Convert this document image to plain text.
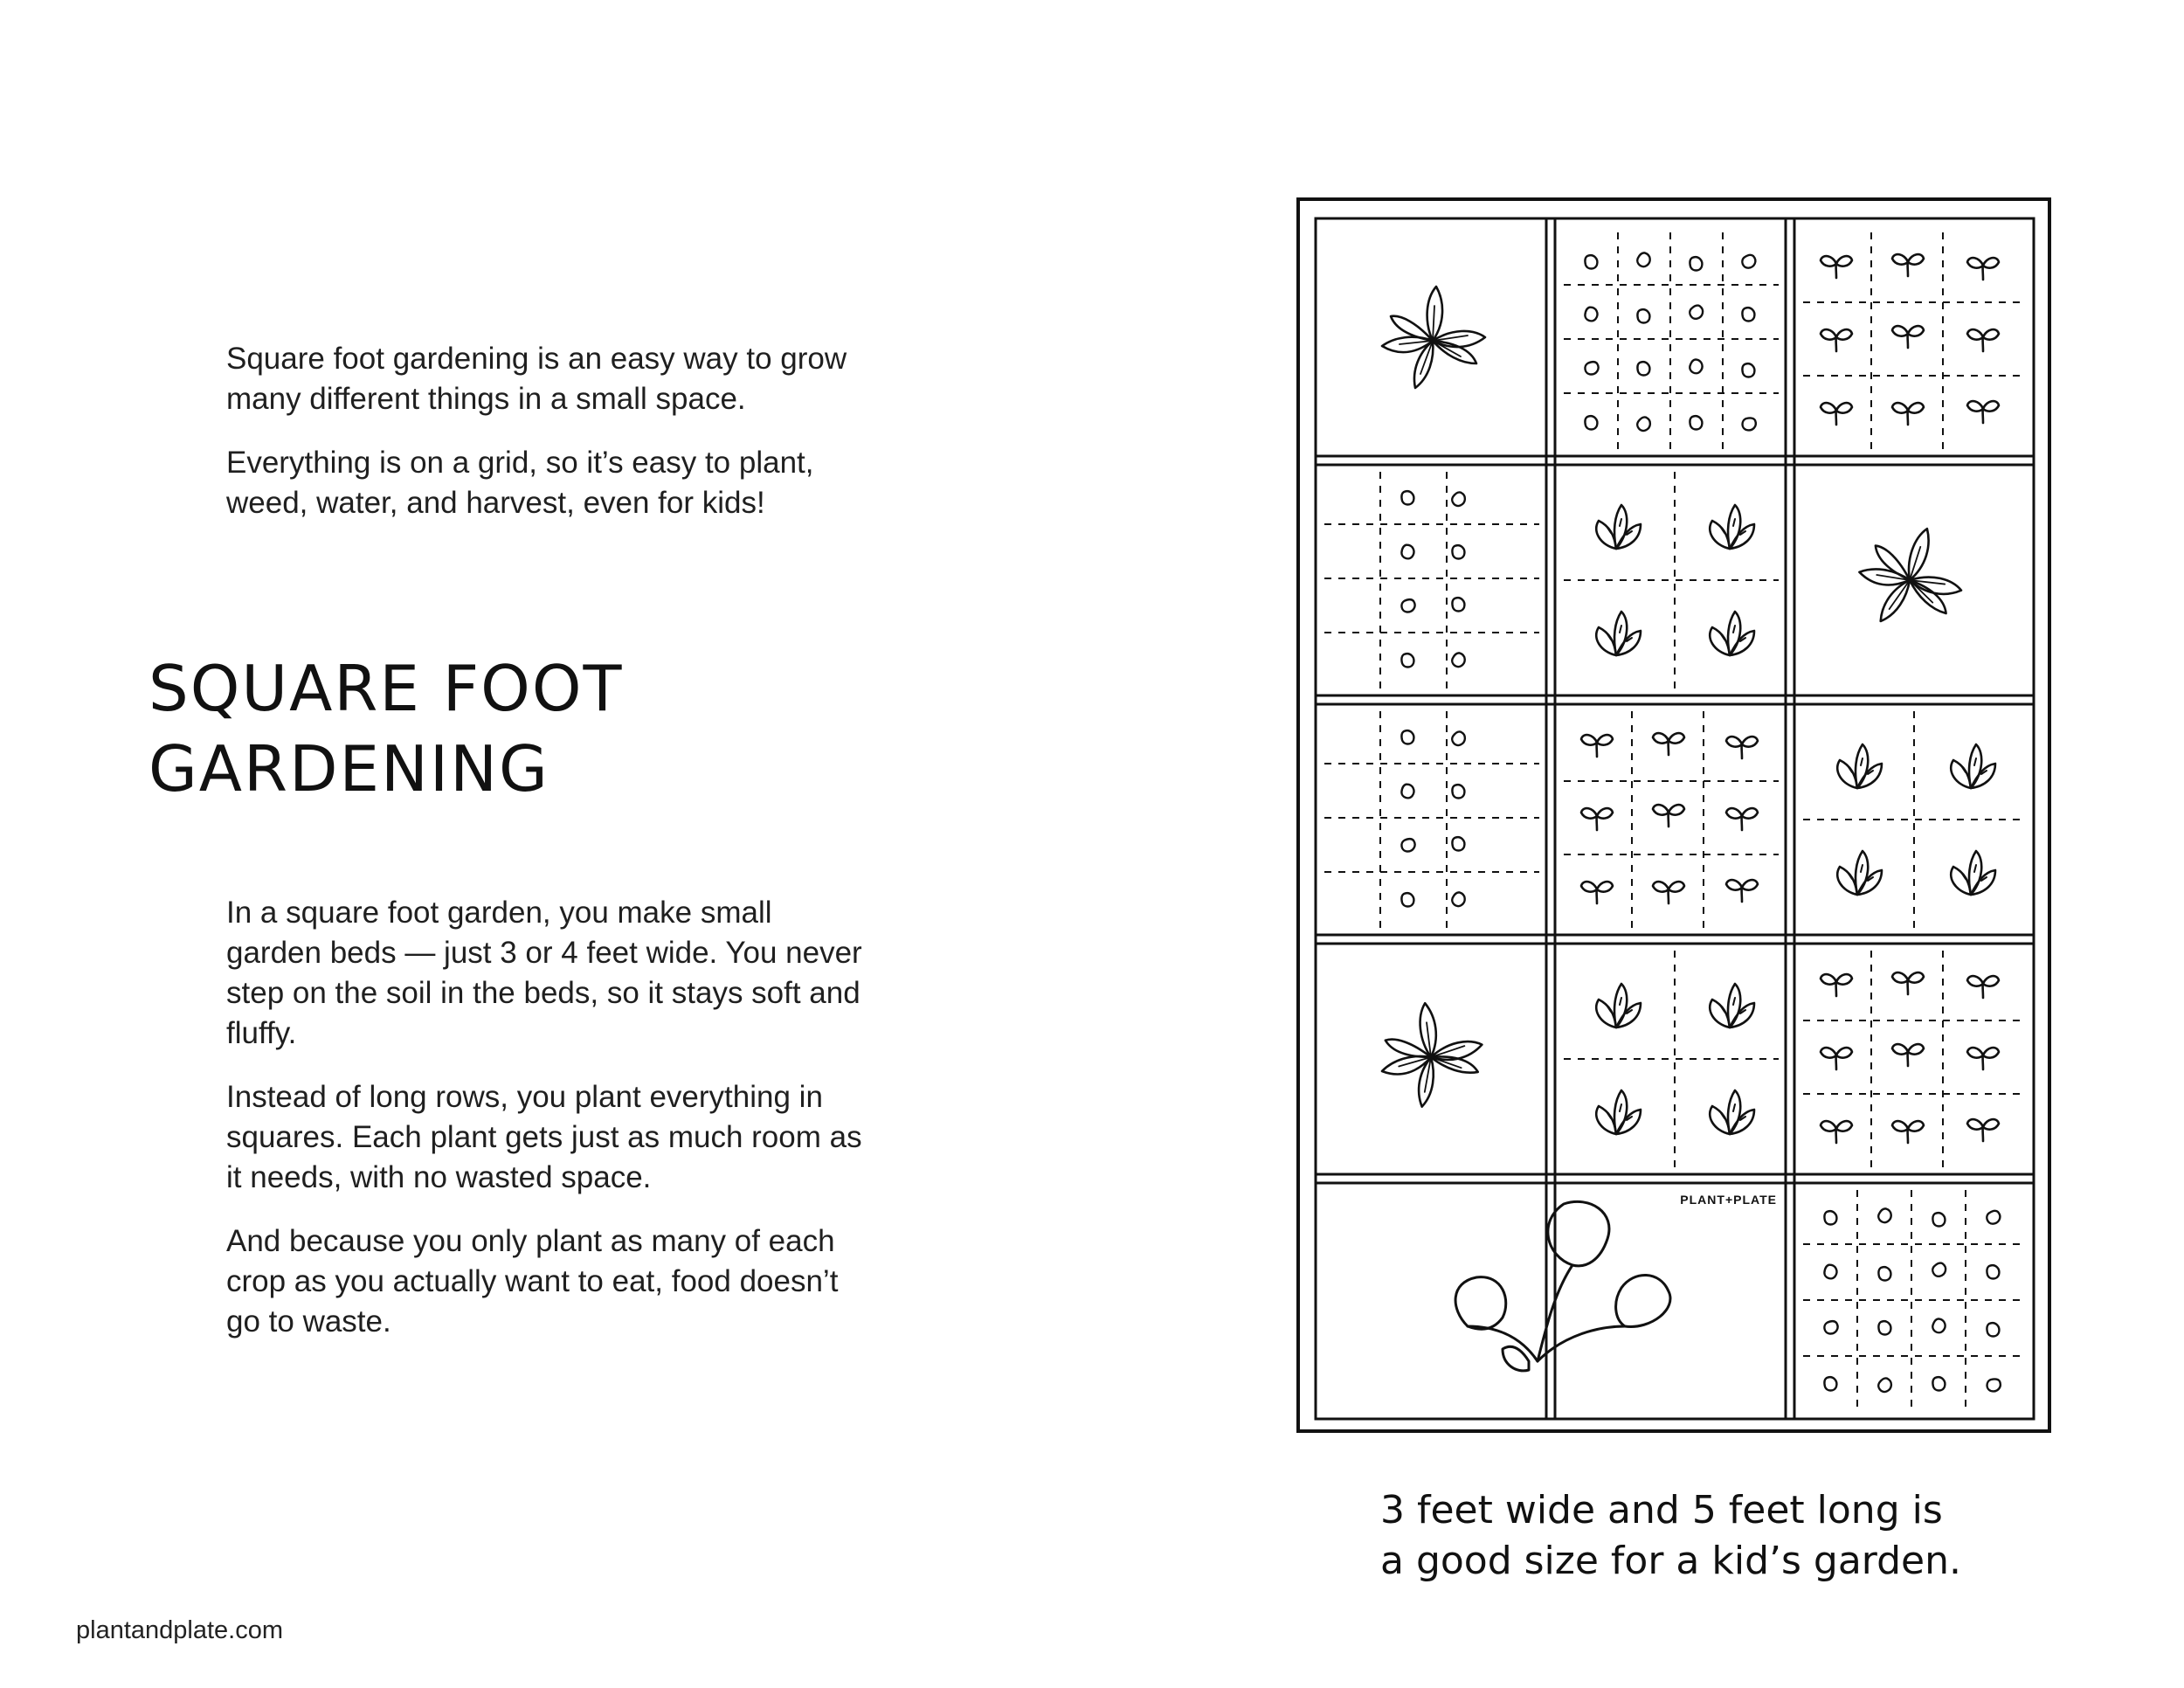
Square foot gardening is an easy way to grow many different things in a small space.

Everything is on a grid, so it’s easy to plant, weed, water, and harvest, even for kids!

SQUARE FOOT
GARDENING

In a square foot garden, you make small garden beds — just 3 or 4 feet wide. You never step on the soil in the beds, so it stays soft and fluffy.

Instead of long rows, you plant everything in squares. Each plant gets just as much room as it needs, with no wasted space.

And because you only plant as many of each crop as you actually want to eat, food doesn’t go to waste.

plantandplate.com

PLANT+PLATE

3 feet wide and 5 feet long is
a good size for a kid’s garden.
